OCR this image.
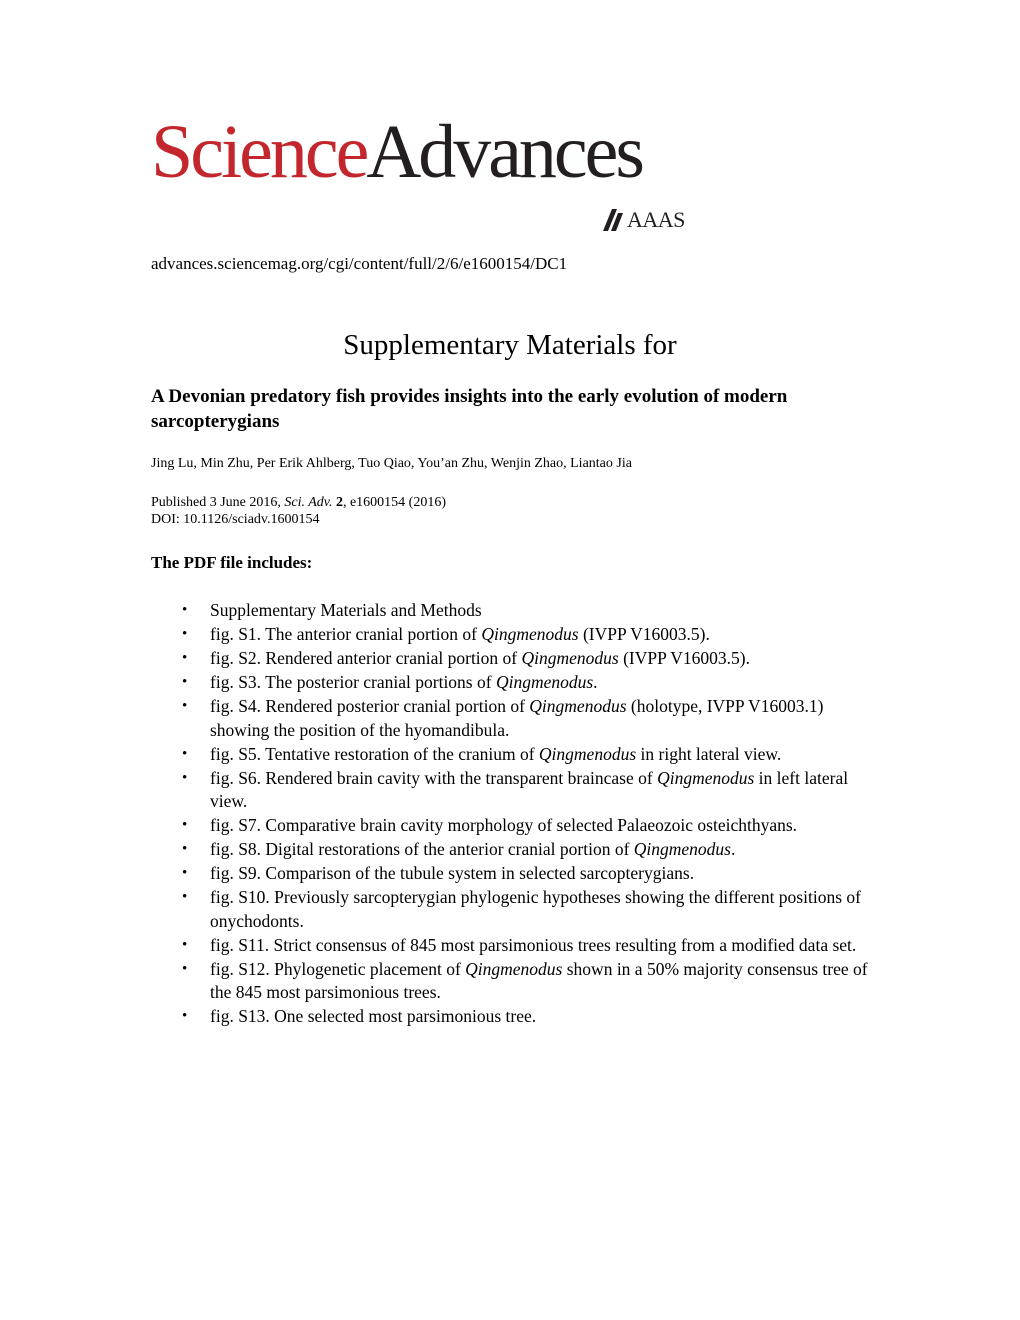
ScienceAdvances
AAAS
advances.sciencemag.org/cgi/content/full/2/6/e1600154/DC1
Supplementary Materials for
A Devonian predatory fish provides insights into the early evolution of modern sarcopterygians
Jing Lu, Min Zhu, Per Erik Ahlberg, Tuo Qiao, You’an Zhu, Wenjin Zhao, Liantao Jia
Published 3 June 2016, Sci. Adv. 2, e1600154 (2016)
DOI: 10.1126/sciadv.1600154
The PDF file includes:
• Supplementary Materials and Methods
• fig. S1. The anterior cranial portion of Qingmenodus (IVPP V16003.5).
• fig. S2. Rendered anterior cranial portion of Qingmenodus (IVPP V16003.5).
• fig. S3. The posterior cranial portions of Qingmenodus.
• fig. S4. Rendered posterior cranial portion of Qingmenodus (holotype, IVPP V16003.1) showing the position of the hyomandibula.
• fig. S5. Tentative restoration of the cranium of Qingmenodus in right lateral view.
• fig. S6. Rendered brain cavity with the transparent braincase of Qingmenodus in left lateral view.
• fig. S7. Comparative brain cavity morphology of selected Palaeozoic osteichthyans.
• fig. S8. Digital restorations of the anterior cranial portion of Qingmenodus.
• fig. S9. Comparison of the tubule system in selected sarcopterygians.
• fig. S10. Previously sarcopterygian phylogenic hypotheses showing the different positions of onychodonts.
• fig. S11. Strict consensus of 845 most parsimonious trees resulting from a modified data set.
• fig. S12. Phylogenetic placement of Qingmenodus shown in a 50% majority consensus tree of the 845 most parsimonious trees.
• fig. S13. One selected most parsimonious tree.
